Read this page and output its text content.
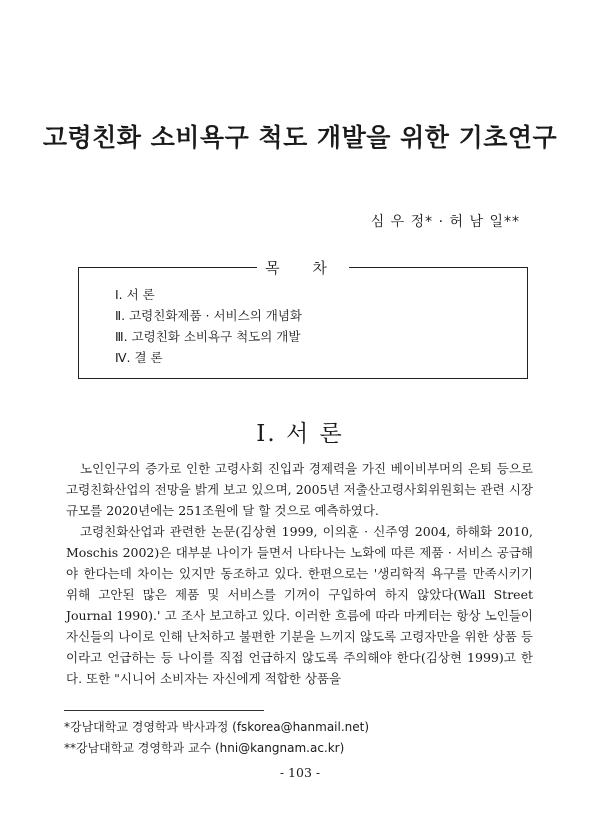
고령친화 소비욕구 척도 개발을 위한 기초연구
심 우 정* · 허 남 일**
목 차
Ⅰ. 서 론
Ⅱ. 고령친화제품 · 서비스의 개념화
Ⅲ. 고령친화 소비욕구 척도의 개발
Ⅳ. 결 론
Ⅰ. 서 론

노인인구의 증가로 인한 고령사회 진입과 경제력을 가진 베이비부머의 은퇴 등으로 고령친화산업의 전망을 밝게 보고 있으며, 2005년 저출산고령사회위원회는 관련 시장규모를 2020년에는 251조원에 달 할 것으로 예측하였다.

고령친화산업과 관련한 논문(김상현 1999, 이의훈 · 신주영 2004, 하해화 2010, Moschis 2002)은 대부분 나이가 들면서 나타나는 노화에 따른 제품 · 서비스 공급해야 한다는데 차이는 있지만 동조하고 있다. 한편으로는 '생리학적 욕구를 만족시키기 위해 고안된 많은 제품 및 서비스를 기꺼이 구입하여 하지 않았다(Wall Street Journal 1990).' 고 조사 보고하고 있다. 이러한 흐름에 따라 마케터는 항상 노인들이 자신들의 나이로 인해 난처하고 불편한 기분을 느끼지 않도록 고령자만을 위한 상품 등이라고 언급하는 등 나이를 직접 언급하지 않도록 주의해야 한다(김상현 1999)고 한다. 또한 "시니어 소비자는 자신에게 적합한 상품을

*강남대학교 경영학과 박사과정 (fskorea@hanmail.net)
**강남대학교 경영학과 교수 (hni@kangnam.ac.kr)
- 103 -
